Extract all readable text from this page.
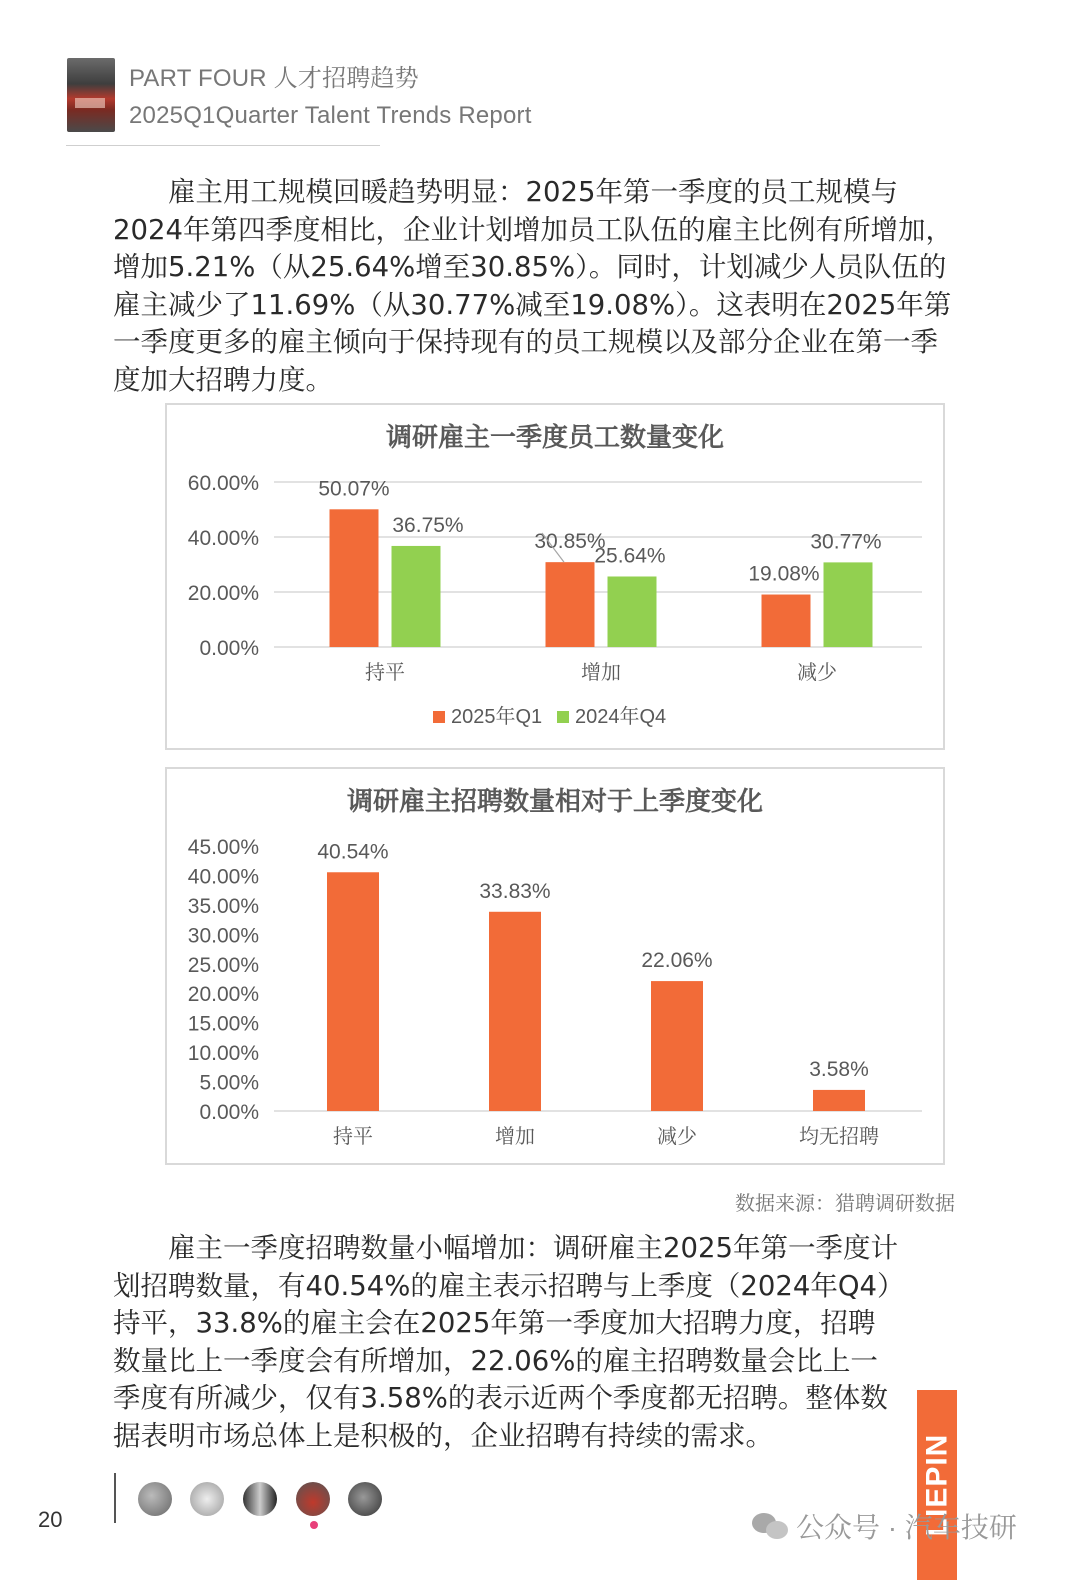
PART FOUR 人才招聘趋势
2025Q1Quarter Talent Trends Report
　　雇主用工规模回暖趋势明显：2025年第一季度的员工规模与
2024年第四季度相比，企业计划增加员工队伍的雇主比例有所增加，
增加5.21%（从25.64%增至30.85%）。同时，计划减少人员队伍的
雇主减少了11.69%（从30.77%减至19.08%）。这表明在2025年第
一季度更多的雇主倾向于保持现有的员工规模以及部分企业在第一季
度加大招聘力度。
调研雇主一季度员工数量变化
0.00%
20.00%
40.00%
60.00%	50.07%
36.75%
持平
30.85%
25.64%
增加
19.08%
30.77%
减少
2025年Q1 2024年Q4
调研雇主招聘数量相对于上季度变化
0.00%
5.00%
10.00%
15.00%
20.00%
25.00%
30.00%
35.00%
40.00%
45.00%	40.54%
持平
33.83%
增加
22.06%
减少
3.58%
均无招聘
数据来源：猎聘调研数据
　　雇主一季度招聘数量小幅增加：调研雇主2025年第一季度计
划招聘数量，有40.54%的雇主表示招聘与上季度（2024年Q4）
持平，33.8%的雇主会在2025年第一季度加大招聘力度，招聘
数量比上一季度会有所增加，22.06%的雇主招聘数量会比上一
季度有所减少，仅有3.58%的表示近两个季度都无招聘。整体数
据表明市场总体上是积极的，企业招聘有持续的需求。
20	LIEPIN
公众号 · 汽车技研
